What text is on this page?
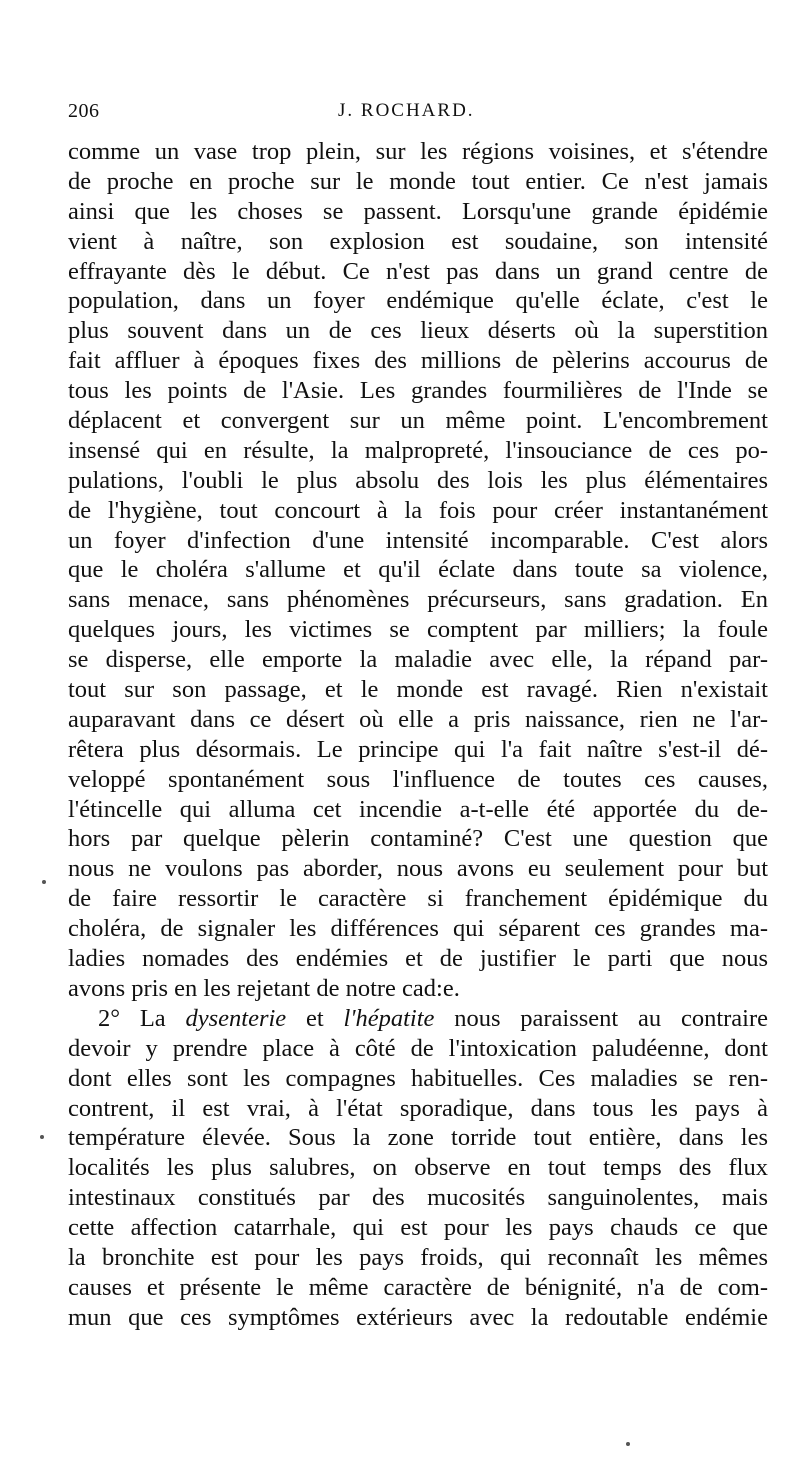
206	J. ROCHARD.
comme un vase trop plein, sur les régions voisines, et s'étendre
de proche en proche sur le monde tout entier. Ce n'est jamais
ainsi que les choses se passent. Lorsqu'une grande épidémie
vient à naître, son explosion est soudaine, son intensité
effrayante dès le début. Ce n'est pas dans un grand centre de
population, dans un foyer endémique qu'elle éclate, c'est le
plus souvent dans un de ces lieux déserts où la superstition
fait affluer à époques fixes des millions de pèlerins accourus de
tous les points de l'Asie. Les grandes fourmilières de l'Inde se
déplacent et convergent sur un même point. L'encombrement
insensé qui en résulte, la malpropreté, l'insouciance de ces po-
pulations, l'oubli le plus absolu des lois les plus élémentaires
de l'hygiène, tout concourt à la fois pour créer instantanément
un foyer d'infection d'une intensité incomparable. C'est alors
que le choléra s'allume et qu'il éclate dans toute sa violence,
sans menace, sans phénomènes précurseurs, sans gradation. En
quelques jours, les victimes se comptent par milliers; la foule
se disperse, elle emporte la maladie avec elle, la répand par-
tout sur son passage, et le monde est ravagé. Rien n'existait
auparavant dans ce désert où elle a pris naissance, rien ne l'ar-
rêtera plus désormais. Le principe qui l'a fait naître s'est-il dé-
veloppé spontanément sous l'influence de toutes ces causes,
l'étincelle qui alluma cet incendie a-t-elle été apportée du de-
hors par quelque pèlerin contaminé? C'est une question que
nous ne voulons pas aborder, nous avons eu seulement pour but
de faire ressortir le caractère si franchement épidémique du
choléra, de signaler les différences qui séparent ces grandes ma-
ladies nomades des endémies et de justifier le parti que nous
avons pris en les rejetant de notre cad:e.
2° La dysenterie et l'hépatite nous paraissent au contraire
devoir y prendre place à côté de l'intoxication paludéenne, dont
dont elles sont les compagnes habituelles. Ces maladies se ren-
contrent, il est vrai, à l'état sporadique, dans tous les pays à
température élevée. Sous la zone torride tout entière, dans les
localités les plus salubres, on observe en tout temps des flux
intestinaux constitués par des mucosités sanguinolentes, mais
cette affection catarrhale, qui est pour les pays chauds ce que
la bronchite est pour les pays froids, qui reconnaît les mêmes
causes et présente le même caractère de bénignité, n'a de com-
mun que ces symptômes extérieurs avec la redoutable endémie
